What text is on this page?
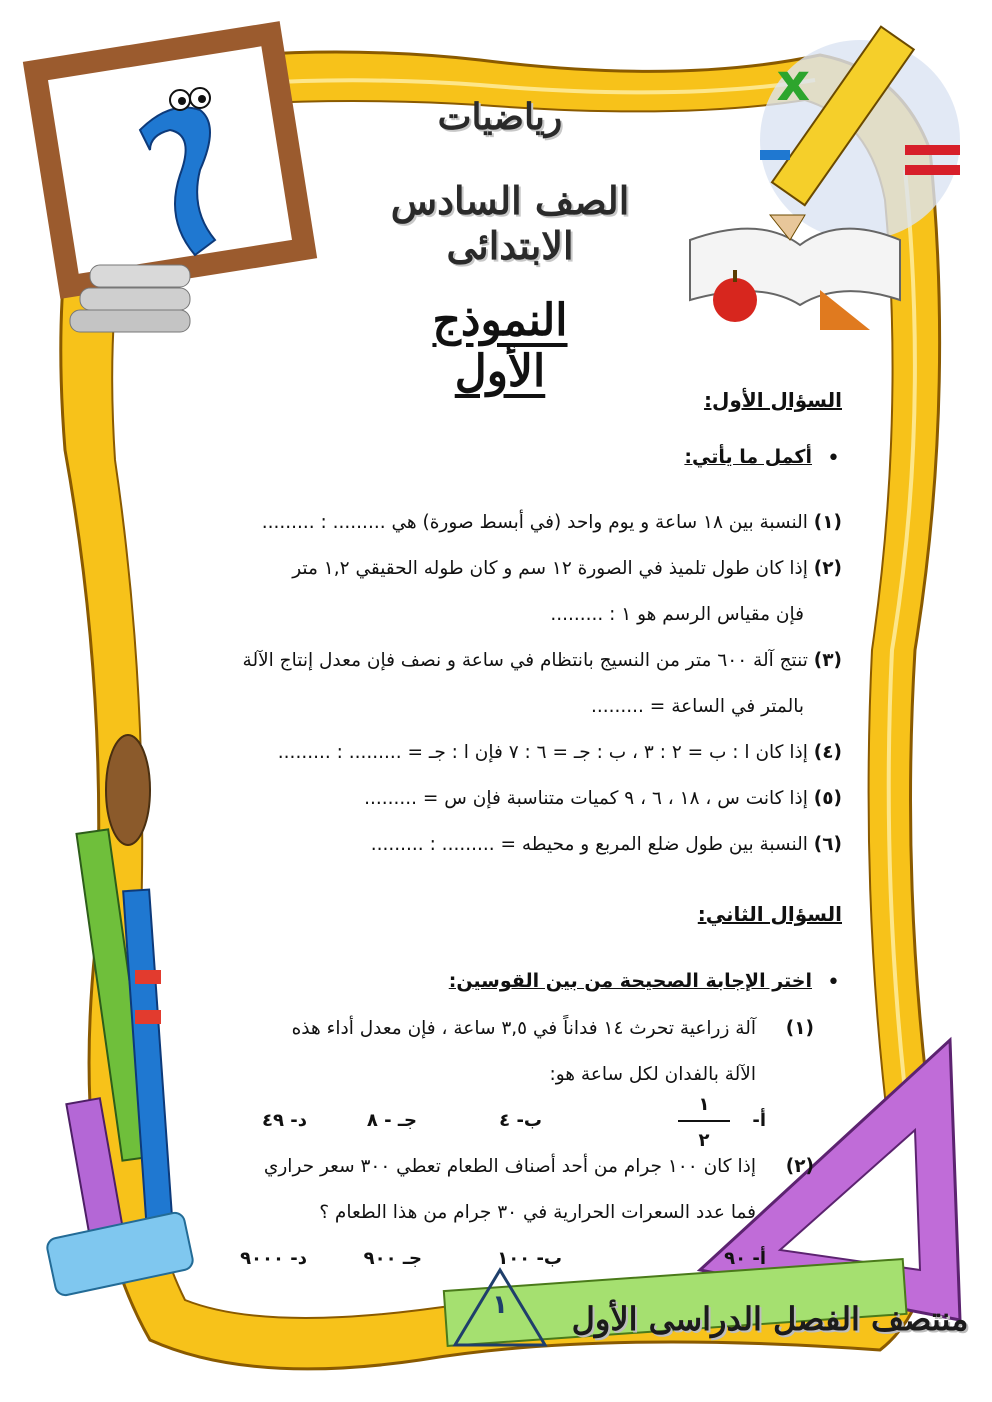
x
رياضيات
الصف السادس الابتدائى
النموذج الأول
السؤال الأول:
•
أكمل ما يأتي:
(١) النسبة بين ١٨ ساعة و يوم واحد (في أبسط صورة) هي ......... : .........
(٢) إذا كان طول تلميذ في الصورة ١٢ سم و كان طوله الحقيقي ١,٢ متر
فإن مقياس الرسم هو ١ : .........
(٣) تنتج آلة ٦٠٠ متر من النسيج بانتظام في ساعة و نصف فإن معدل إنتاج الآلة
بالمتر في الساعة = .........
(٤) إذا كان ا : ب = ٢ : ٣ ، ب : جـ = ٦ : ٧ فإن ا : جـ = ......... : .........
(٥) إذا كانت س ، ١٨ ، ٦ ، ٩ كميات متناسبة فإن س = .........
(٦) النسبة بين طول ضلع المربع و محيطه = ......... : .........
السؤال الثاني:
•
اختر الإجابة الصحيحة من بين القوسين:
(١)
آلة زراعية تحرث ١٤ فداناً في ٣,٥ ساعة ، فإن معدل أداء هذه
الآلة بالفدان لكل ساعة هو:
أ-
١
٢
ب- ٤
جـ - ٨
د- ٤٩
(٢)
إذا كان ١٠٠ جرام من أحد أصناف الطعام تعطي ٣٠٠ سعر حراري
فما عدد السعرات الحرارية في ٣٠ جرام من هذا الطعام ؟
أ- ٩٠
ب- ١٠٠
جـ ٩٠٠
د- ٩٠٠٠
١	منتصف الفصل الدراسى الأول
